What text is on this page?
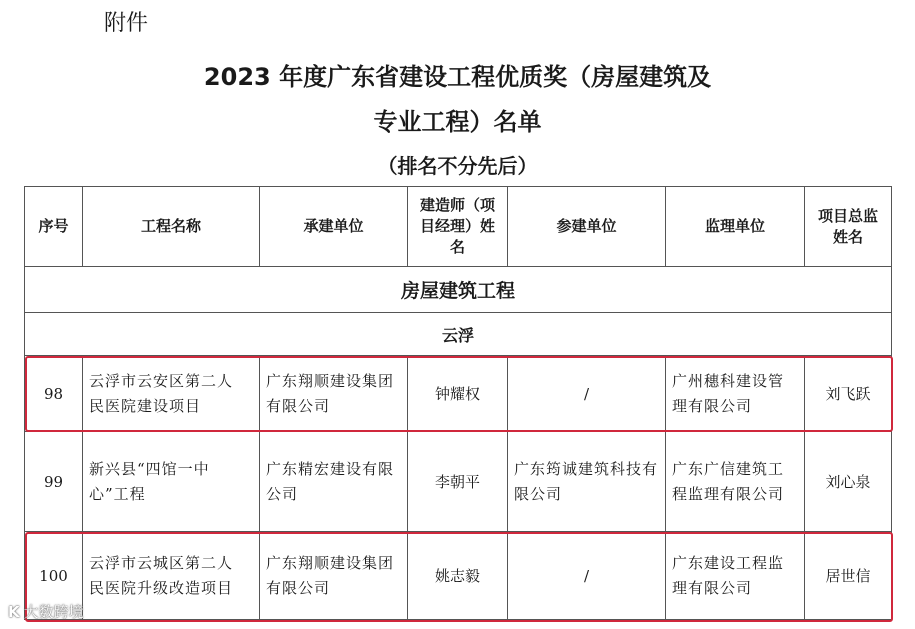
附件
2023 年度广东省建设工程优质奖（房屋建筑及
专业工程）名单
（排名不分先后）
序号	工程名称	承建单位	建造师（项目经理）姓名	参建单位	监理单位	项目总监姓名
房屋建筑工程						
云浮						
98	云浮市云安区第二人 民医院建设项目	广东翔顺建设集团有限公司	钟耀权	/	广州穗科建设管理有限公司	刘飞跃
99	新兴县“四馆一中 心”工程	广东精宏建设有限公司	李朝平	广东筠诚建筑科技有 限公司	广东广信建筑工程监理有限公司	刘心泉
100	云浮市云城区第二人 民医院升级改造项目	广东翔顺建设集团有限公司	姚志毅	/	广东建设工程监理有限公司	居世信
K 大数跨境
